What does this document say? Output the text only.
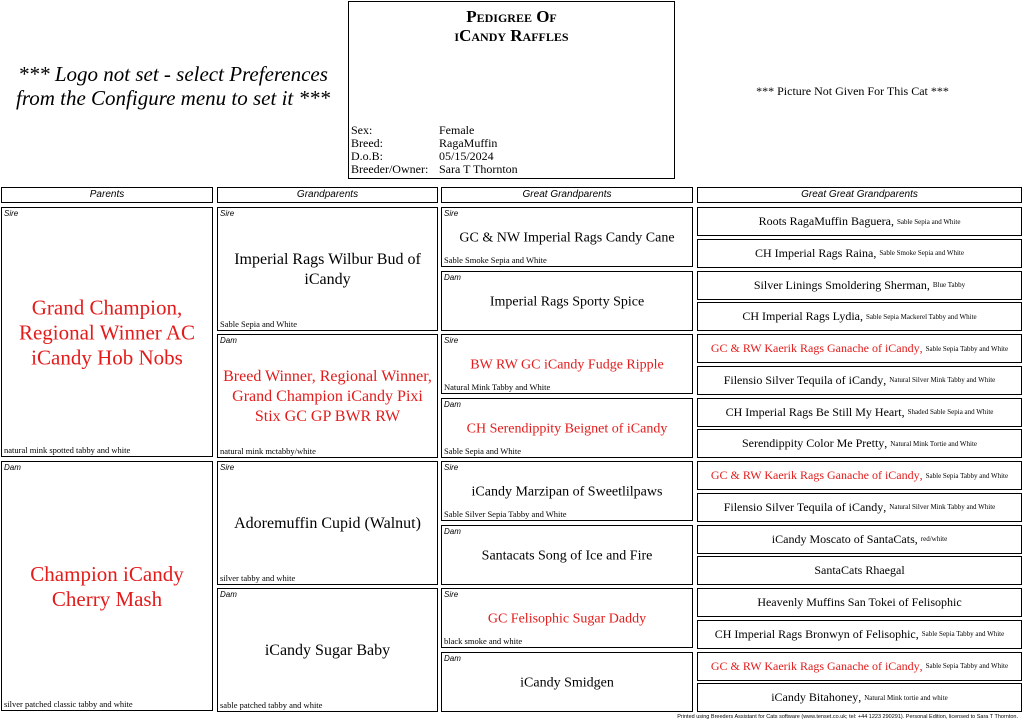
*** Logo not set - select Preferences from the Configure menu to set it ***
Pedigree Of
iCandy Raffles
Sex:	Female
Breed:	RagaMuffin
D.o.B:	05/15/2024
Breeder/Owner: Sara T Thornton
*** Picture Not Given For This Cat ***
Parents	Grandparents	Great Grandparents	Great Great Grandparents
Sire
Grand Champion, Regional Winner AC iCandy Hob Nobs
natural mink spotted tabby and white
Dam
Champion iCandy Cherry Mash
silver patched classic tabby and white
Sire
Imperial Rags Wilbur Bud of iCandy
Sable Sepia and White
Dam
Breed Winner, Regional Winner, Grand Champion iCandy Pixi Stix GC GP BWR RW
natural mink mctabby/white
Sire
Adoremuffin Cupid (Walnut)
silver tabby and white
Dam
iCandy Sugar Baby
sable patched tabby and white
Sire
GC & NW Imperial Rags Candy Cane
Sable Smoke Sepia and White
Dam
Imperial Rags Sporty Spice
Sire
BW RW GC iCandy Fudge Ripple
Natural Mink Tabby and White
Dam
CH Serendippity Beignet of iCandy
Sable Sepia and White
Sire
iCandy Marzipan of Sweetlilpaws
Sable Silver Sepia Tabby and White
Dam
Santacats Song of Ice and Fire
Sire
GC Felisophic Sugar Daddy
black smoke and white
Dam
iCandy Smidgen
Roots RagaMuffin Baguera , Sable Sepia and White
CH Imperial Rags Raina , Sable Smoke Sepia and White
Silver Linings Smoldering Sherman , Blue Tabby
CH Imperial Rags Lydia , Sable Sepia Mackerel Tabby and White
GC & RW Kaerik Rags Ganache of iCandy , Sable Sepia Tabby and White
Filensio Silver Tequila of iCandy , Natural Silver Mink Tabby and White
CH Imperial Rags Be Still My Heart , Shaded Sable Sepia and White
Serendippity Color Me Pretty , Natural Mink Tortie and White
GC & RW Kaerik Rags Ganache of iCandy , Sable Sepia Tabby and White
Filensio Silver Tequila of iCandy , Natural Silver Mink Tabby and White
iCandy Moscato of SantaCats , red/white
SantaCats Rhaegal
Heavenly Muffins San Tokei of Felisophic
CH Imperial Rags Bronwyn of Felisophic , Sable Sepia Tabby and White
GC & RW Kaerik Rags Ganache of iCandy , Sable Sepia Tabby and White
iCandy Bitahoney , Natural Mink tortie and white
Printed using Breeders Assistant for Cats software (www.tenset.co.uk; tel: +44 1223 290291). Personal Edition, licensed to Sara T Thornton.
